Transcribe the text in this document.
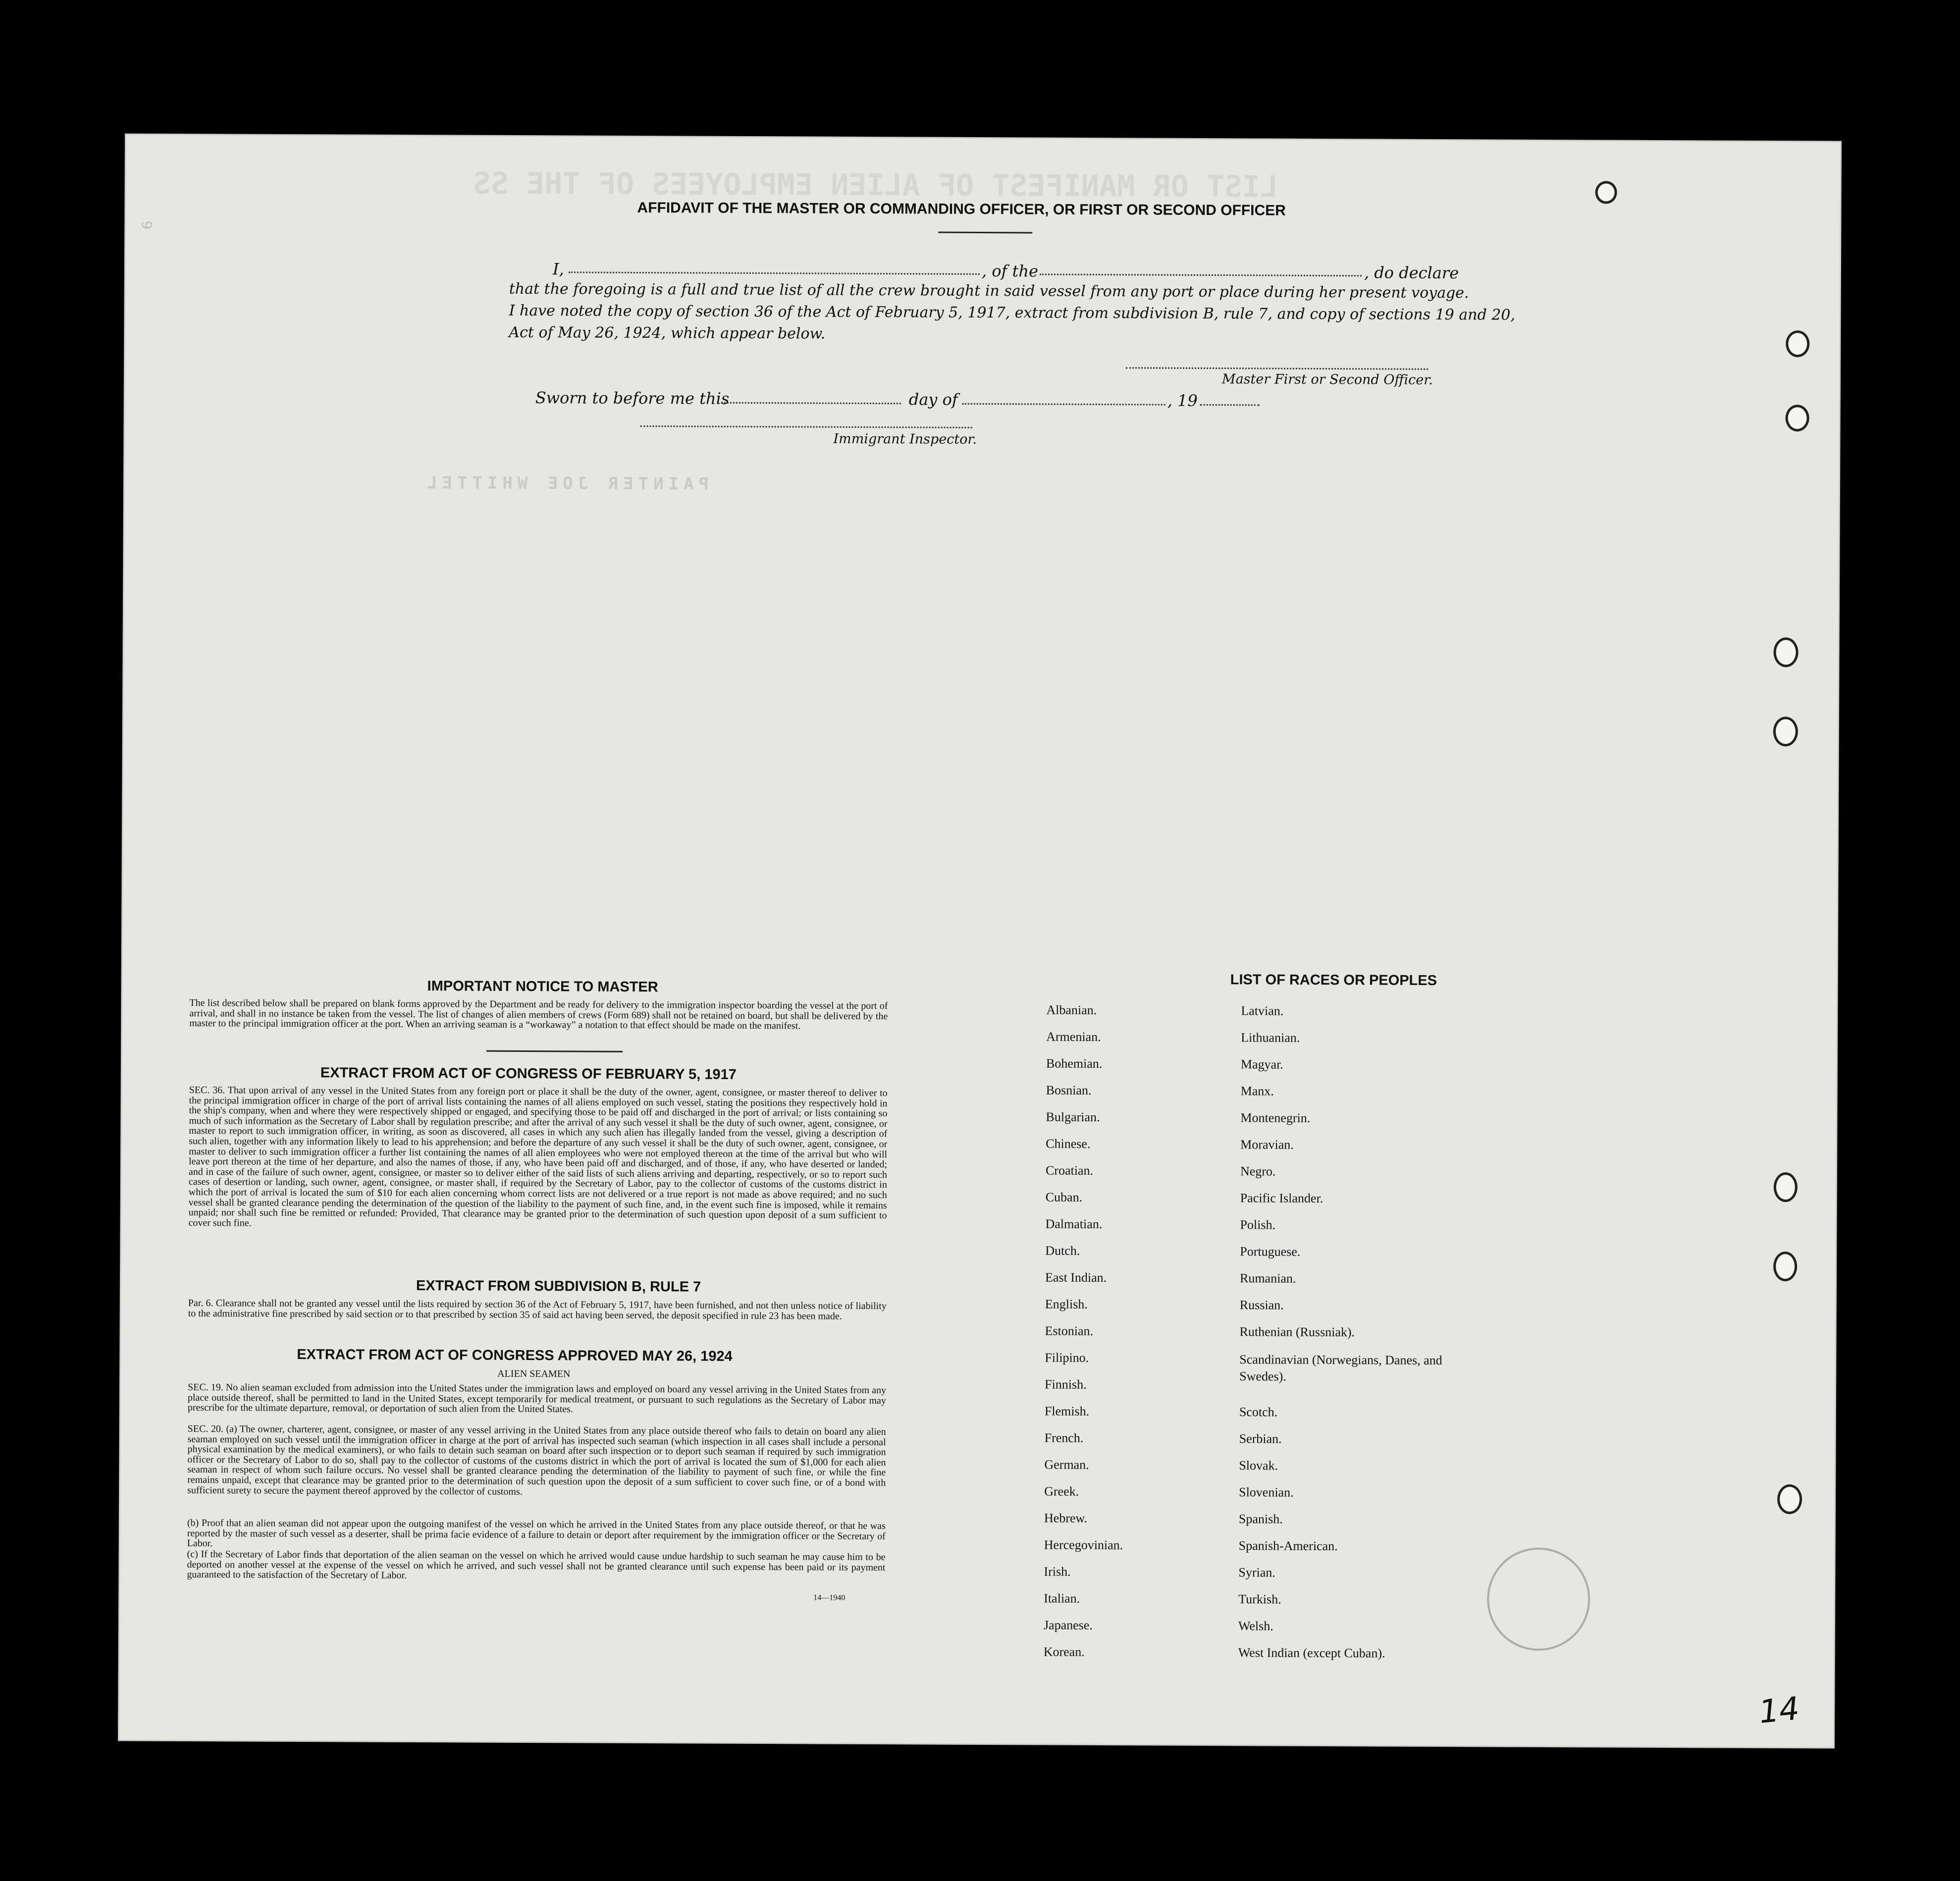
LIST OR MANIFEST OF ALIEN EMPLOYEES OF THE SS
PAINTER JOE WHITTEL
AFFIDAVIT OF THE MASTER OR COMMANDING OFFICER, OR FIRST OR SECOND OFFICER
I,	, of the	, do declare
that the foregoing is a full and true list of all the crew brought in said vessel from any port or place during her present voyage.
I have noted the copy of section 36 of the Act of February 5, 1917, extract from subdivision B, rule 7, and copy of sections 19 and 20,
Act of May 26, 1924, which appear below.
Master First or Second Officer.
Sworn to before me this	day of	, 19
Immigrant Inspector.
IMPORTANT NOTICE TO MASTER
The list described below shall be prepared on blank forms approved by the Department and be ready for delivery to the immigration inspector boarding the vessel at the port of arrival, and shall in no instance be taken from the vessel. The list of changes of alien members of crews (Form 689) shall not be retained on board, but shall be delivered by the master to the principal immigration officer at the port. When an arriving seaman is a “workaway” a notation to that effect should be made on the manifest.
EXTRACT FROM ACT OF CONGRESS OF FEBRUARY 5, 1917
SEC. 36. That upon arrival of any vessel in the United States from any foreign port or place it shall be the duty of the owner, agent, consignee, or master thereof to deliver to the principal immigration officer in charge of the port of arrival lists containing the names of all aliens employed on such vessel, stating the positions they respectively hold in the ship's company, when and where they were respectively shipped or engaged, and specifying those to be paid off and discharged in the port of arrival; or lists containing so much of such information as the Secretary of Labor shall by regulation prescribe; and after the arrival of any such vessel it shall be the duty of such owner, agent, consignee, or master to report to such immigration officer, in writing, as soon as discovered, all cases in which any such alien has illegally landed from the vessel, giving a description of such alien, together with any information likely to lead to his apprehension; and before the departure of any such vessel it shall be the duty of such owner, agent, consignee, or master to deliver to such immigration officer a further list containing the names of all alien employees who were not employed thereon at the time of the arrival but who will leave port thereon at the time of her departure, and also the names of those, if any, who have been paid off and discharged, and of those, if any, who have deserted or landed; and in case of the failure of such owner, agent, consignee, or master so to deliver either of the said lists of such aliens arriving and departing, respectively, or so to report such cases of desertion or landing, such owner, agent, consignee, or master shall, if required by the Secretary of Labor, pay to the collector of customs of the customs district in which the port of arrival is located the sum of $10 for each alien concerning whom correct lists are not delivered or a true report is not made as above required; and no such vessel shall be granted clearance pending the determination of the question of the liability to the payment of such fine, and, in the event such fine is imposed, while it remains unpaid; nor shall such fine be remitted or refunded: Provided, That clearance may be granted prior to the determination of such question upon deposit of a sum sufficient to cover such fine.
EXTRACT FROM SUBDIVISION B, RULE 7
Par. 6. Clearance shall not be granted any vessel until the lists required by section 36 of the Act of February 5, 1917, have been furnished, and not then unless notice of liability to the administrative fine prescribed by said section or to that prescribed by section 35 of said act having been served, the deposit specified in rule 23 has been made.
EXTRACT FROM ACT OF CONGRESS APPROVED MAY 26, 1924
ALIEN SEAMEN
SEC. 19. No alien seaman excluded from admission into the United States under the immigration laws and employed on board any vessel arriving in the United States from any place outside thereof, shall be permitted to land in the United States, except temporarily for medical treatment, or pursuant to such regulations as the Secretary of Labor may prescribe for the ultimate departure, removal, or deportation of such alien from the United States.
SEC. 20. (a) The owner, charterer, agent, consignee, or master of any vessel arriving in the United States from any place outside thereof who fails to detain on board any alien seaman employed on such vessel until the immigration officer in charge at the port of arrival has inspected such seaman (which inspection in all cases shall include a personal physical examination by the medical examiners), or who fails to detain such seaman on board after such inspection or to deport such seaman if required by such immigration officer or the Secretary of Labor to do so, shall pay to the collector of customs of the customs district in which the port of arrival is located the sum of $1,000 for each alien seaman in respect of whom such failure occurs. No vessel shall be granted clearance pending the determination of the liability to payment of such fine, or while the fine remains unpaid, except that clearance may be granted prior to the determination of such question upon the deposit of a sum sufficient to cover such fine, or of a bond with sufficient surety to secure the payment thereof approved by the collector of customs.
(b) Proof that an alien seaman did not appear upon the outgoing manifest of the vessel on which he arrived in the United States from any place outside thereof, or that he was reported by the master of such vessel as a deserter, shall be prima facie evidence of a failure to detain or deport after requirement by the immigration officer or the Secretary of Labor.
(c) If the Secretary of Labor finds that deportation of the alien seaman on the vessel on which he arrived would cause undue hardship to such seaman he may cause him to be deported on another vessel at the expense of the vessel on which he arrived, and such vessel shall not be granted clearance until such expense has been paid or its payment guaranteed to the satisfaction of the Secretary of Labor.
14—1940
LIST OF RACES OR PEOPLES
Albanian.
Armenian.
Bohemian.
Bosnian.
Bulgarian.
Chinese.
Croatian.
Cuban.
Dalmatian.
Dutch.
East Indian.
English.
Estonian.
Filipino.
Finnish.
Flemish.
French.
German.
Greek.
Hebrew.
Hercegovinian.
Irish.
Italian.
Japanese.
Korean.
Latvian.
Lithuanian.
Magyar.
Manx.
Montenegrin.
Moravian.
Negro.
Pacific Islander.
Polish.
Portuguese.
Rumanian.
Russian.
Ruthenian (Russniak).
Scandinavian (Norwegians, Danes, and Swedes).
Scotch.
Serbian.
Slovak.
Slovenian.
Spanish.
Spanish-American.
Syrian.
Turkish.
Welsh.
West Indian (except Cuban).
14
6
